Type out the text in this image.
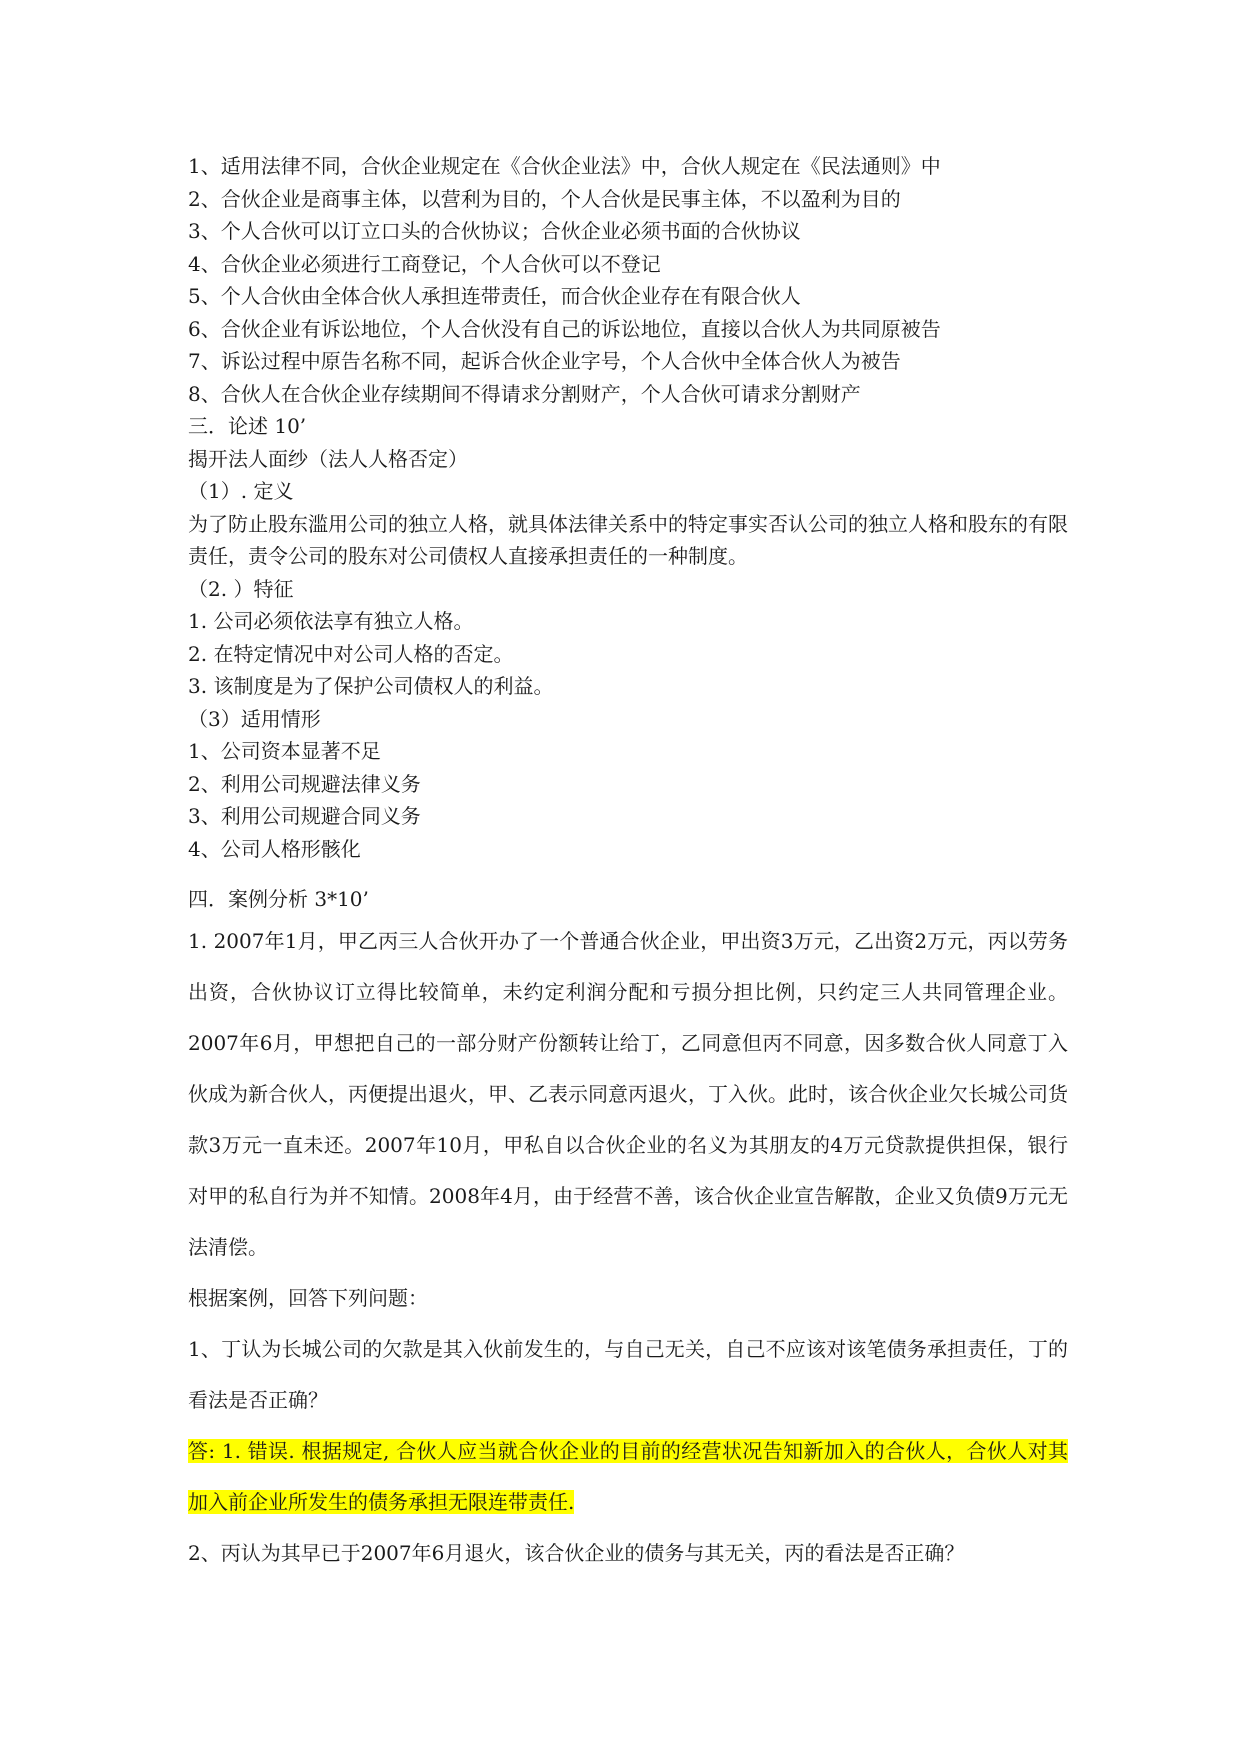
1、适用法律不同，合伙企业规定在《合伙企业法》中，合伙人规定在《民法通则》中

2、合伙企业是商事主体，以营利为目的，个人合伙是民事主体，不以盈利为目的

3、个人合伙可以订立口头的合伙协议；合伙企业必须书面的合伙协议

4、合伙企业必须进行工商登记，个人合伙可以不登记

5、个人合伙由全体合伙人承担连带责任，而合伙企业存在有限合伙人

6、合伙企业有诉讼地位，个人合伙没有自己的诉讼地位，直接以合伙人为共同原被告

7、诉讼过程中原告名称不同，起诉合伙企业字号，个人合伙中全体合伙人为被告

8、合伙人在合伙企业存续期间不得请求分割财产，个人合伙可请求分割财产

三．论述 10’

揭开法人面纱（法人人格否定）

（1）. 定义

为了防止股东滥用公司的独立人格，就具体法律关系中的特定事实否认公司的独立人格和股东的有限责任，责令公司的股东对公司债权人直接承担责任的一种制度。

（2. ）特征

1. 公司必须依法享有独立人格。

2. 在特定情况中对公司人格的否定。

3. 该制度是为了保护公司债权人的利益。

（3）适用情形

1、公司资本显著不足

2、利用公司规避法律义务

3、利用公司规避合同义务

4、公司人格形骸化

四．案例分析 3*10’

1. 2007年1月，甲乙丙三人合伙开办了一个普通合伙企业，甲出资3万元，乙出资2万元，丙以劳务出资，合伙协议订立得比较简单，未约定利润分配和亏损分担比例，只约定三人共同管理企业。2007年6月，甲想把自己的一部分财产份额转让给丁，乙同意但丙不同意，因多数合伙人同意丁入伙成为新合伙人，丙便提出退火，甲、乙表示同意丙退火，丁入伙。此时，该合伙企业欠长城公司货款3万元一直未还。2007年10月，甲私自以合伙企业的名义为其朋友的4万元贷款提供担保，银行对甲的私自行为并不知情。2008年4月，由于经营不善，该合伙企业宣告解散，企业又负债9万元无法清偿。

根据案例，回答下列问题：

1、丁认为长城公司的欠款是其入伙前发生的，与自己无关，自己不应该对该笔债务承担责任，丁的看法是否正确？

答: 1. 错误. 根据规定, 合伙人应当就合伙企业的目前的经营状况告知新加入的合伙人，合伙人对其加入前企业所发生的债务承担无限连带责任.

2、丙认为其早已于2007年6月退火，该合伙企业的债务与其无关，丙的看法是否正确？
